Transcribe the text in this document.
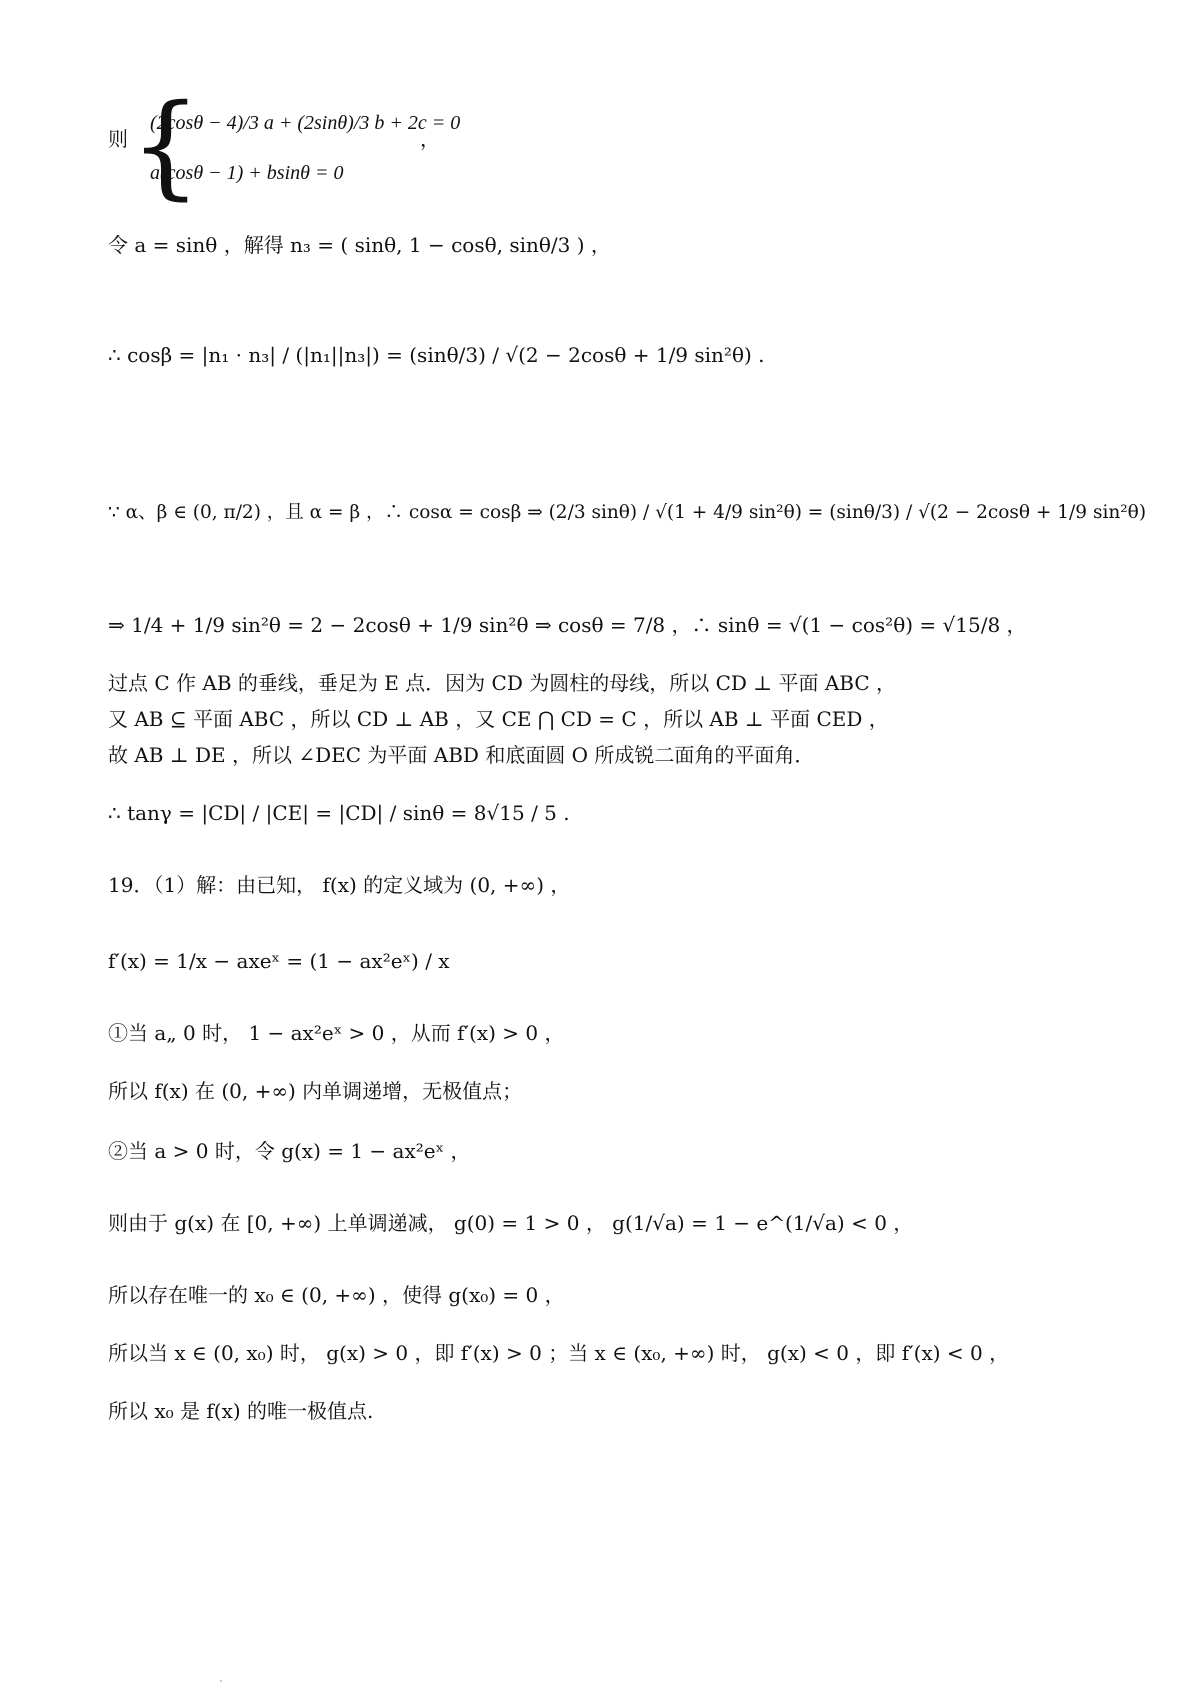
则 {
(2cosθ − 4)/3 a + (2sinθ)/3 b + 2c = 0
，
a(cosθ − 1) + bsinθ = 0
令 a = sinθ ，解得 n₃ = ( sinθ, 1 − cosθ, sinθ/3 ) ，
∴ cosβ = |n₁ · n₃| / (|n₁||n₃|) = (sinθ/3) / √(2 − 2cosθ + 1/9 sin²θ) .
∵ α、β ∈ (0, π/2) ，且 α = β ，∴ cosα = cosβ ⇒ (2/3 sinθ) / √(1 + 4/9 sin²θ) = (sinθ/3) / √(2 − 2cosθ + 1/9 sin²θ)
⇒ 1/4 + 1/9 sin²θ = 2 − 2cosθ + 1/9 sin²θ ⇒ cosθ = 7/8 ，∴ sinθ = √(1 − cos²θ) = √15/8 ，
过点 C 作 AB 的垂线，垂足为 E 点．因为 CD 为圆柱的母线，所以 CD ⊥ 平面 ABC ，
又 AB ⊆ 平面 ABC ，所以 CD ⊥ AB ，又 CE ⋂ CD = C ，所以 AB ⊥ 平面 CED ，
故 AB ⊥ DE ，所以 ∠DEC 为平面 ABD 和底面圆 O 所成锐二面角的平面角．
∴ tanγ = |CD| / |CE| = |CD| / sinθ = 8√15 / 5 .
19．（1）解：由已知， f(x) 的定义域为 (0, +∞) ，
f′(x) = 1/x − axeˣ = (1 − ax²eˣ) / x
①当 a„ 0 时， 1 − ax²eˣ > 0 ，从而 f′(x) > 0 ，
所以 f(x) 在 (0, +∞) 内单调递增，无极值点；
②当 a > 0 时，令 g(x) = 1 − ax²eˣ ，
则由于 g(x) 在 [0, +∞) 上单调递减， g(0) = 1 > 0 ， g(1/√a) = 1 − e^(1/√a) < 0 ，
所以存在唯一的 x₀ ∈ (0, +∞) ，使得 g(x₀) = 0 ，
所以当 x ∈ (0, x₀) 时， g(x) > 0 ，即 f′(x) > 0 ；当 x ∈ (x₀, +∞) 时， g(x) < 0 ，即 f′(x) < 0 ，
所以 x₀ 是 f(x) 的唯一极值点.
